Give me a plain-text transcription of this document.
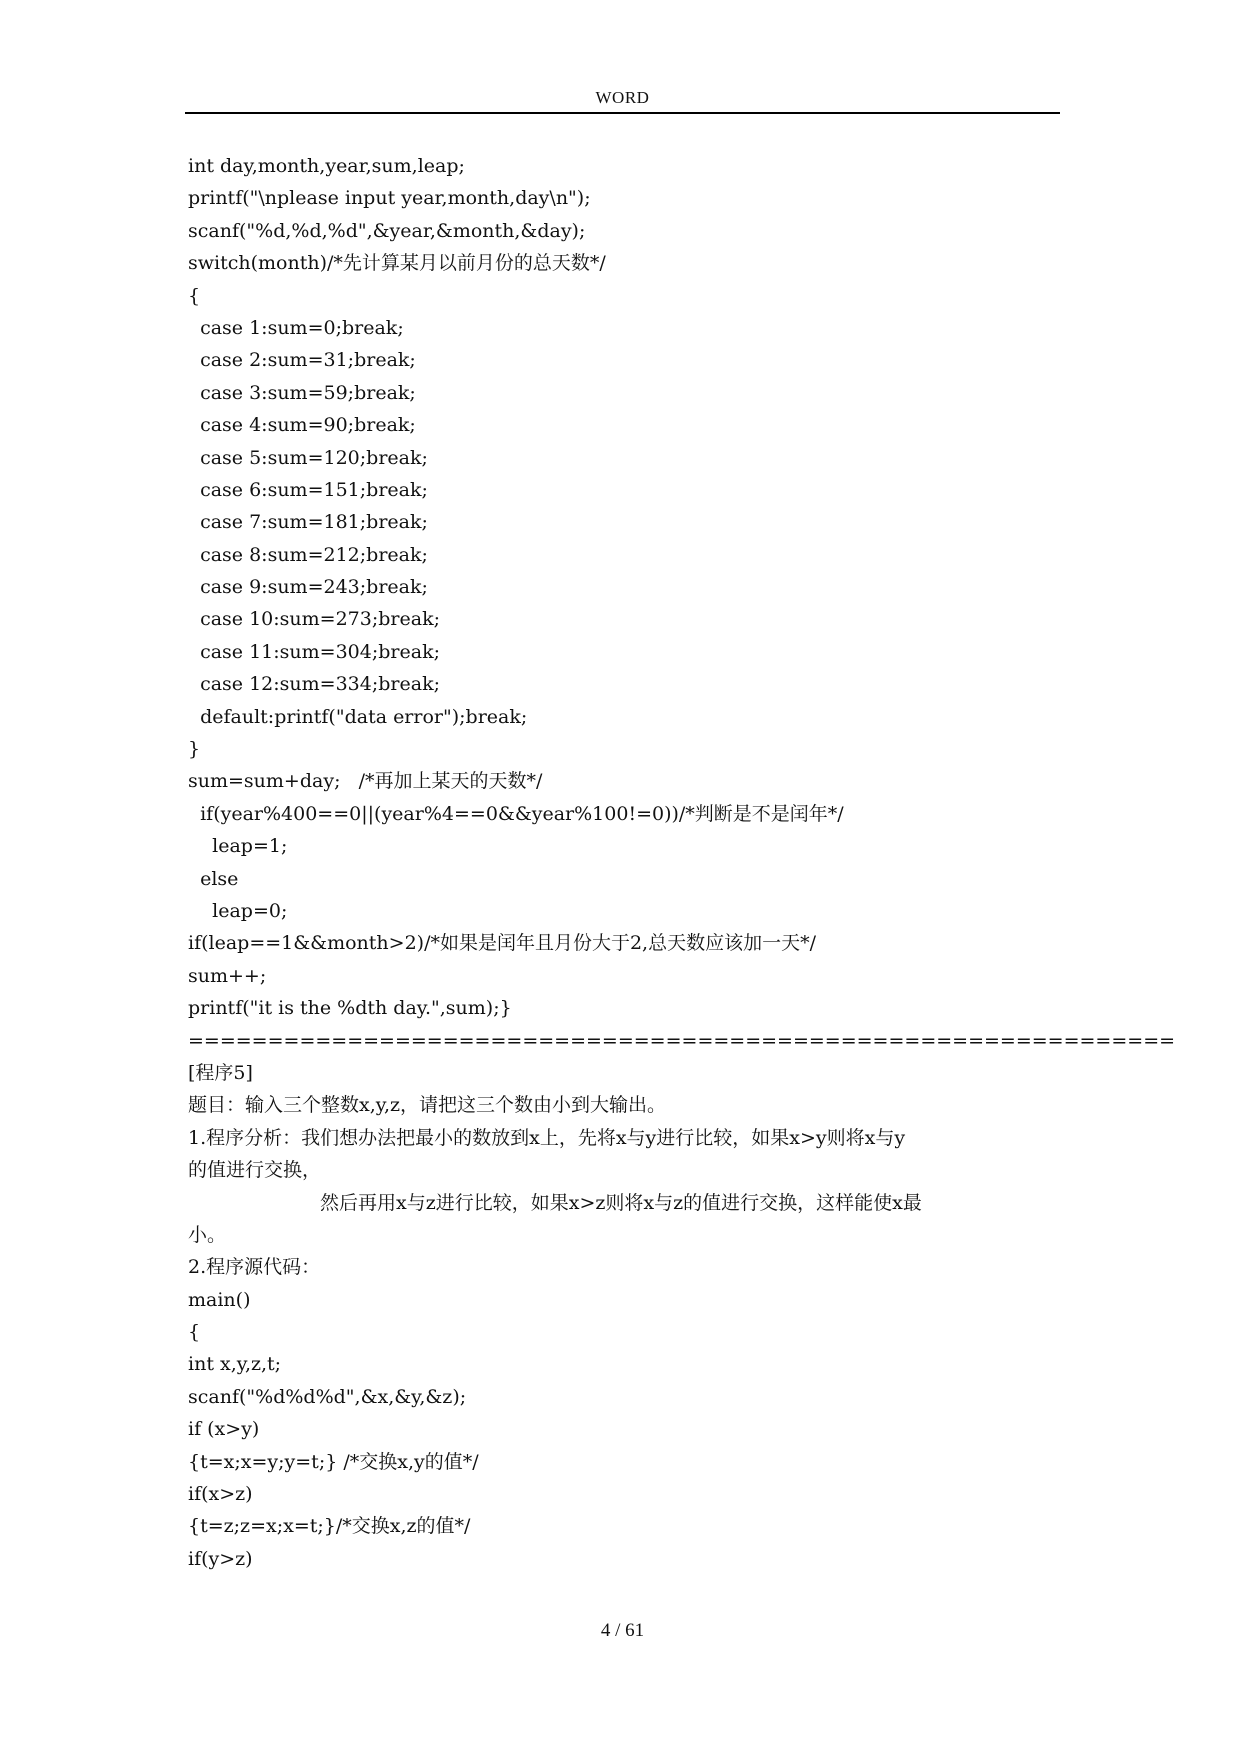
WORD
int day,month,year,sum,leap;
printf("\nplease input year,month,day\n");
scanf("%d,%d,%d",&year,&month,&day);
switch(month)/*先计算某月以前月份的总天数*/
{
case 1:sum=0;break;
case 2:sum=31;break;
case 3:sum=59;break;
case 4:sum=90;break;
case 5:sum=120;break;
case 6:sum=151;break;
case 7:sum=181;break;
case 8:sum=212;break;
case 9:sum=243;break;
case 10:sum=273;break;
case 11:sum=304;break;
case 12:sum=334;break;
default:printf("data error");break;
}
sum=sum+day;   /*再加上某天的天数*/
if(year%400==0||(year%4==0&&year%100!=0))/*判断是不是闰年*/
leap=1;
else
leap=0;
if(leap==1&&month>2)/*如果是闰年且月份大于2,总天数应该加一天*/
sum++;
printf("it is the %dth day.",sum);}
==============================================================
[程序5]
题目：输入三个整数x,y,z，请把这三个数由小到大输出。
1.程序分析：我们想办法把最小的数放到x上，先将x与y进行比较，如果x>y则将x与y
的值进行交换，
然后再用x与z进行比较，如果x>z则将x与z的值进行交换，这样能使x最
小。
2.程序源代码：
main()
{
int x,y,z,t;
scanf("%d%d%d",&x,&y,&z);
if (x>y)
{t=x;x=y;y=t;} /*交换x,y的值*/
if(x>z)
{t=z;z=x;x=t;}/*交换x,z的值*/
if(y>z)
4 / 61
